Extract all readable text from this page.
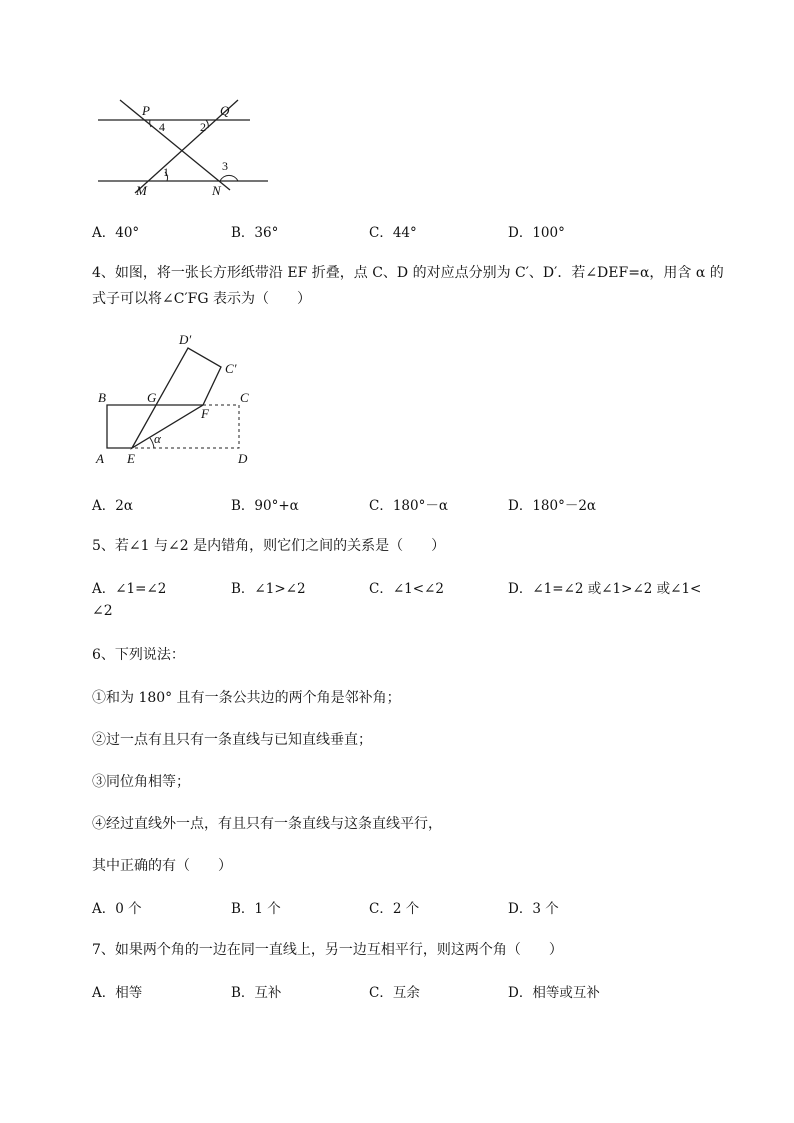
P	Q
4	2
1	3
M	N
A．40°	B．36°	C．44°	D．100°
4、如图，将一张长方形纸带沿 EF 折叠，点 C、D 的对应点分别为 C′、D′．若∠DEF=α，用含 α 的
式子可以将∠C′FG 表示为（　　）
D′
C′
B	G	C
F
α
A E	D
A．2α	B．90°+α	C．180°－α	D．180°－2α
5、若∠1 与∠2 是内错角，则它们之间的关系是（　　）
A．∠1=∠2	B．∠1>∠2	C．∠1<∠2	D．∠1=∠2 或∠1>∠2 或∠1<
∠2
6、下列说法：
①和为 180° 且有一条公共边的两个角是邻补角；
②过一点有且只有一条直线与已知直线垂直；
③同位角相等；
④经过直线外一点，有且只有一条直线与这条直线平行，
其中正确的有（　　）
A．0 个	B．1 个	C．2 个	D．3 个
7、如果两个角的一边在同一直线上，另一边互相平行，则这两个角（　　）
A．相等	B．互补	C．互余	D．相等或互补
